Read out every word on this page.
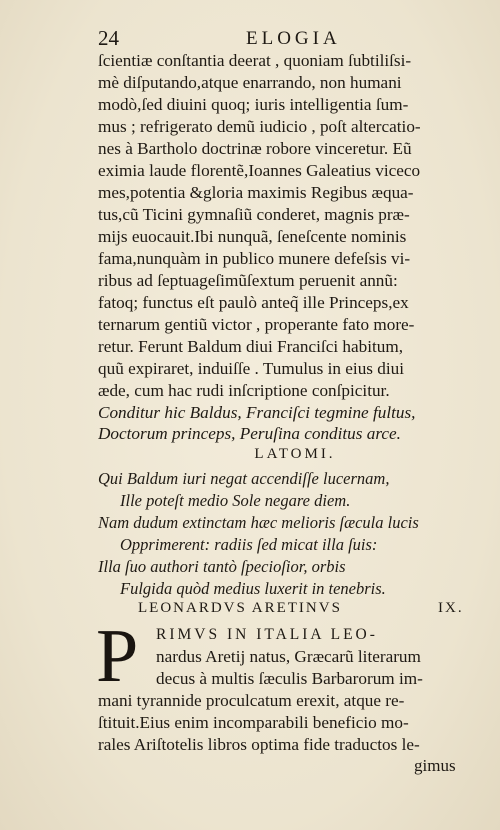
24	ELOGIA
ſcientiæ conſtantia deerat , quoniam ſubtiliſsi-
mè diſputando,atque enarrando, non humani
modò,ſed diuini quoq; iuris intelligentia ſum-
mus ; refrigerato demũ iudicio , poſt altercatio-
nes à Bartholo doctrinæ robore vinceretur. Eũ
eximia laude florentẽ,Ioannes Galeatius viceco
mes,potentia &gloria maximis Regibus æqua-
tus,cũ Ticini gymnaſiũ conderet, magnis præ-
mijs euocauit.Ibi nunquã, ſeneſcente nominis
fama,nunquàm in publico munere defeſsis vi-
ribus ad ſeptuageſimũſextum peruenit annũ:
fatoq; functus eſt paulò anteq̃ ille Princeps,ex
ternarum gentiũ victor , properante fato more-
retur. Ferunt Baldum diui Franciſci habitum,
quũ expiraret, induiſſe . Tumulus in eius diui
æde, cum hac rudi inſcriptione conſpicitur.
Conditur hic Baldus, Franciſci tegmine fultus,
Doctorum princeps, Peruſina conditus arce.
LATOMI.
Qui Baldum iuri negat accendiſſe lucernam,
Ille poteſt medio Sole negare diem.
Nam dudum extinctam hæc melioris ſæcula lucis
Opprimerent: radiis ſed micat illa ſuis:
Illa ſuo authori tantò ſpecioſior, orbis
Fulgida quòd medius luxerit in tenebris.
LEONARDVS ARETINVS	IX.
P RIMVS IN ITALIA LEO-
nardus Aretij natus, Græcarũ literarum
decus à multis ſæculis Barbarorum im-
mani tyrannide proculcatum erexit, atque re-
ſtituit.Eius enim incomparabili beneficio mo-
rales Ariſtotelis libros optima fide traductos le-
gimus
